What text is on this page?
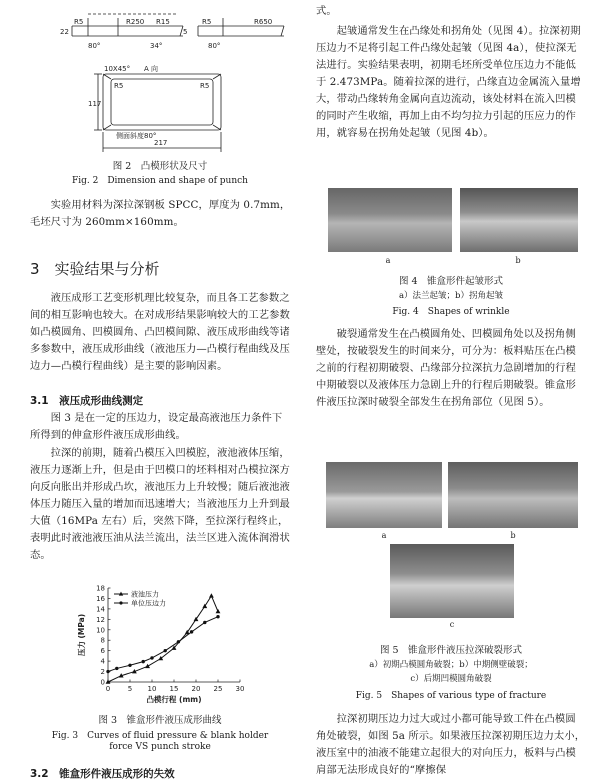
R5	R250 R15	R5	R650
22	5
80°	34°	80°
10X45° A 向
R5	R5
117
侧面斜度80°
217
图 2　凸模形状及尺寸
Fig. 2　Dimension and shape of punch

实验用材料为深拉深钢板 SPCC，厚度为 0.7mm，毛坯尺寸为 260mm×160mm。

3　实验结果与分析

液压成形工艺变形机理比较复杂，而且各工艺参数之间的相互影响也较大。在对成形结果影响较大的工艺参数如凸模圆角、凹模圆角、凸凹模间隙、液压成形曲线等诸多参数中，液压成形曲线（液池压力—凸模行程曲线及压边力—凸模行程曲线）是主要的影响因素。

3.1　液压成形曲线测定

图 3 是在一定的压边力，设定最高液池压力条件下所得到的伸盒形件液压成形曲线。

拉深的前期，随着凸模压入凹模腔，液池液体压缩，液压力逐渐上升，但是由于凹模口的坯料相对凸模拉深方向反向胀出并形成凸坎，液池压力上升较慢；随后液池液体压力随压入量的增加而迅速增大；当液池压力上升到最大值（16MPa 左右）后，突然下降，至拉深行程终止，表明此时液池液压油从法兰流出，法兰区进入流体润滑状态。

0	5 10 15 20 25 30
0
2
4
6
8
10
12
14
16
18
凸模行程 (mm)
压力 (MPa)
液池压力
单位压边力
图 3　锥盒形件液压成形曲线
Fig. 3　Curves of fluid pressure & blank holder
force VS punch stroke
3.2　锥盒形件液压成形的失效
式。

起皱通常发生在凸缘处和拐角处（见图 4）。拉深初期压边力不足将引起工件凸缘处起皱（见图 4a），使拉深无法进行。实验结果表明，初期毛坯所受单位压边力不能低于 2.473MPa。随着拉深的进行，凸缘直边金属流入量增大，带动凸缘转角金属向直边流动，该处材料在流入凹模的同时产生收缩，再加上由不均匀拉力引起的压应力的作用，就容易在拐角处起皱（见图 4b）。

a	b
图 4　锥盒形件起皱形式
a）法兰起皱；b）拐角起皱
Fig. 4　Shapes of wrinkle

破裂通常发生在凸模圆角处、凹模圆角处以及拐角侧壁处，按破裂发生的时间来分，可分为：板料贴压在凸模之前的行程初期破裂、凸缘部分拉深抗力急剧增加的行程中期破裂以及液体压力急剧上升的行程后期破裂。锥盒形件液压拉深时破裂全部发生在拐角部位（见图 5）。

a	b
c
图 5　锥盒形件液压拉深破裂形式
a）初期凸模圆角破裂；b）中期侧壁破裂；
c）后期凹模圆角破裂
Fig. 5　Shapes of various type of fracture

拉深初期压边力过大或过小都可能导致工件在凸模圆角处破裂，如图 5a 所示。如果液压拉深初期压边力太小，液压室中的油液不能建立起很大的对向压力，板料与凸模肩部无法形成良好的“摩擦保
